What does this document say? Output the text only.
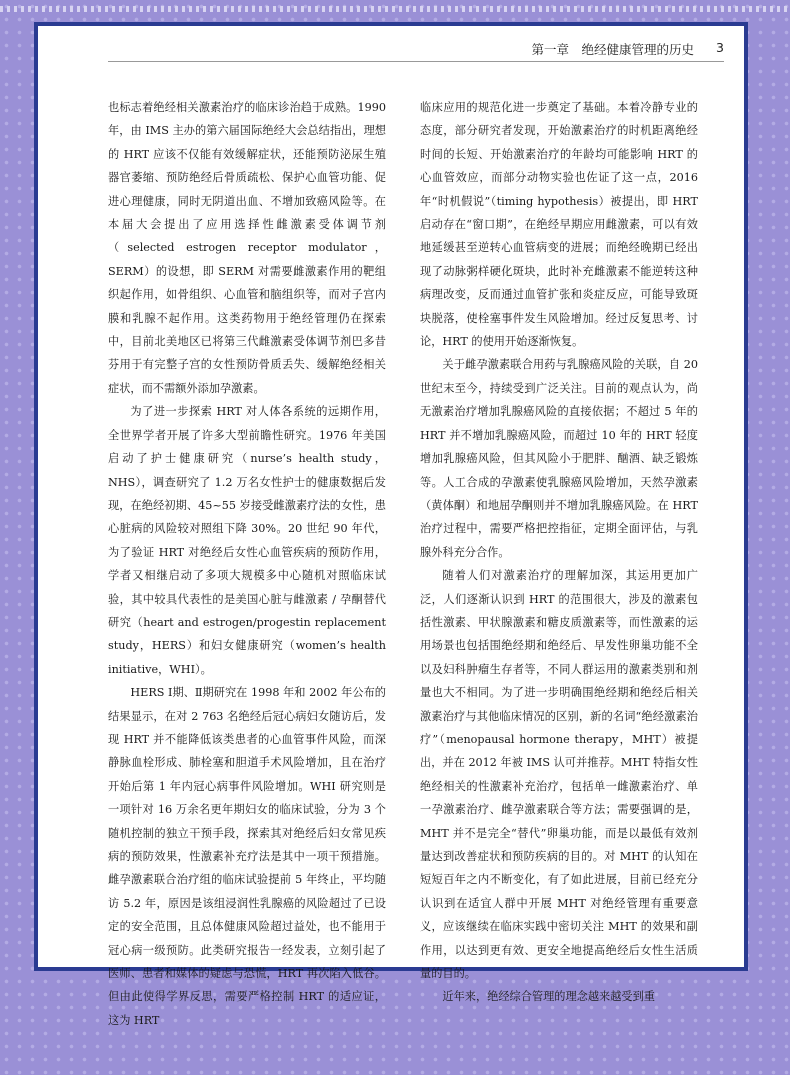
第一章　绝经健康管理的历史 3

也标志着绝经相关激素治疗的临床诊治趋于成熟。1990 年，由 IMS 主办的第六届国际绝经大会总结指出，理想的 HRT 应该不仅能有效缓解症状，还能预防泌尿生殖器官萎缩、预防绝经后骨质疏松、保护心血管功能、促进心理健康，同时无阴道出血、不增加致癌风险等。在本届大会提出了应用选择性雌激素受体调节剂（selected estrogen receptor modulator，SERM）的设想，即 SERM 对需要雌激素作用的靶组织起作用，如骨组织、心血管和脑组织等，而对子宫内膜和乳腺不起作用。这类药物用于绝经管理仍在探索中，目前北美地区已将第三代雌激素受体调节剂巴多昔芬用于有完整子宫的女性预防骨质丢失、缓解绝经相关症状，而不需额外添加孕激素。

为了进一步探索 HRT 对人体各系统的远期作用，全世界学者开展了许多大型前瞻性研究。1976 年美国启动了护士健康研究（nurse’s health study，NHS），调查研究了 1.2 万名女性护士的健康数据后发现，在绝经初期、45~55 岁接受雌激素疗法的女性，患心脏病的风险较对照组下降 30%。20 世纪 90 年代，为了验证 HRT 对绝经后女性心血管疾病的预防作用，学者又相继启动了多项大规模多中心随机对照临床试验，其中较具代表性的是美国心脏与雌激素 / 孕酮替代研究（heart and estrogen/progestin replacement study，HERS）和妇女健康研究（women’s health initiative，WHI）。

HERS Ⅰ期、Ⅱ期研究在 1998 年和 2002 年公布的结果显示，在对 2 763 名绝经后冠心病妇女随访后，发现 HRT 并不能降低该类患者的心血管事件风险，而深静脉血栓形成、肺栓塞和胆道手术风险增加，且在治疗开始后第 1 年内冠心病事件风险增加。WHI 研究则是一项针对 16 万余名更年期妇女的临床试验，分为 3 个随机控制的独立干预手段，探索其对绝经后妇女常见疾病的预防效果，性激素补充疗法是其中一项干预措施。雌孕激素联合治疗组的临床试验提前 5 年终止，平均随访 5.2 年，原因是该组浸润性乳腺癌的风险超过了已设定的安全范围，且总体健康风险超过益处，也不能用于冠心病一级预防。此类研究报告一经发表，立刻引起了医师、患者和媒体的疑虑与恐慌，HRT 再次陷入低谷。但由此使得学界反思，需要严格控制 HRT 的适应证，这为 HRT

临床应用的规范化进一步奠定了基础。本着冷静专业的态度，部分研究者发现，开始激素治疗的时机距离绝经时间的长短、开始激素治疗的年龄均可能影响 HRT 的心血管效应，而部分动物实验也佐证了这一点，2016 年“时机假说”（timing hypothesis）被提出，即 HRT 启动存在“窗口期”，在绝经早期应用雌激素，可以有效地延缓甚至逆转心血管病变的进展；而绝经晚期已经出现了动脉粥样硬化斑块，此时补充雌激素不能逆转这种病理改变，反而通过血管扩张和炎症反应，可能导致斑块脱落，使栓塞事件发生风险增加。经过反复思考、讨论，HRT 的使用开始逐渐恢复。

关于雌孕激素联合用药与乳腺癌风险的关联，自 20 世纪末至今，持续受到广泛关注。目前的观点认为，尚无激素治疗增加乳腺癌风险的直接依据；不超过 5 年的 HRT 并不增加乳腺癌风险，而超过 10 年的 HRT 轻度增加乳腺癌风险，但其风险小于肥胖、酗酒、缺乏锻炼等。人工合成的孕激素使乳腺癌风险增加，天然孕激素（黄体酮）和地屈孕酮则并不增加乳腺癌风险。在 HRT 治疗过程中，需要严格把控指征，定期全面评估，与乳腺外科充分合作。

随着人们对激素治疗的理解加深，其运用更加广泛，人们逐渐认识到 HRT 的范围很大，涉及的激素包括性激素、甲状腺激素和糖皮质激素等，而性激素的运用场景也包括围绝经期和绝经后、早发性卵巢功能不全以及妇科肿瘤生存者等，不同人群运用的激素类别和剂量也大不相同。为了进一步明确围绝经期和绝经后相关激素治疗与其他临床情况的区别，新的名词“绝经激素治疗”（menopausal hormone therapy，MHT）被提出，并在 2012 年被 IMS 认可并推荐。MHT 特指女性绝经相关的性激素补充治疗，包括单一雌激素治疗、单一孕激素治疗、雌孕激素联合等方法；需要强调的是，MHT 并不是完全“替代”卵巢功能，而是以最低有效剂量达到改善症状和预防疾病的目的。对 MHT 的认知在短短百年之内不断变化，有了如此进展，目前已经充分认识到在适宜人群中开展 MHT 对绝经管理有重要意义，应该继续在临床实践中密切关注 MHT 的效果和副作用，以达到更有效、更安全地提高绝经后女性生活质量的目的。

近年来，绝经综合管理的理念越来越受到重
